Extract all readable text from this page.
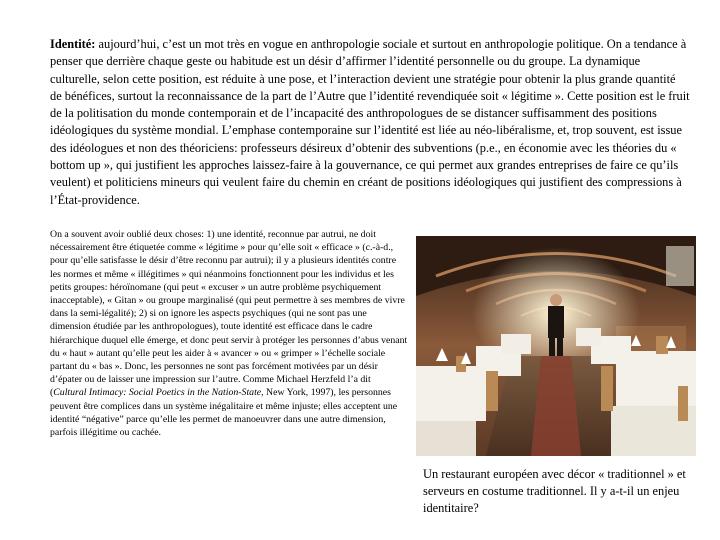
Identité: aujourd’hui, c’est un mot très en vogue en anthropologie sociale et surtout en anthropologie politique. On a tendance à penser que derrière chaque geste ou habitude est un désir d’affirmer l’identité personnelle ou du groupe. La dynamique culturelle, selon cette position, est réduite à une pose, et l’interaction devient une stratégie pour obtenir la plus grande quantité de bénéfices, surtout la reconnaissance de la part de l’Autre que l’identité revendiquée soit « légitime ». Cette position est le fruit de la politisation du monde contemporain et de l’incapacité des anthropologues de se distancer suffisamment des positions idéologiques du système mondial. L’emphase contemporaine sur l’identité est liée au néo-libéralisme, et, trop souvent, est issue des idéologues et non des théoriciens: professeurs désireux d’obtenir des subventions (p.e., en économie avec les théories du « bottom up », qui justifient les approches laissez-faire à la gouvernance, ce qui permet aux grandes entreprises de faire ce qu’ils veulent) et politiciens mineurs qui veulent faire du chemin en créant de positions idéologiques qui justifient des compressions à l’État-providence.

On a souvent avoir oublié deux choses: 1) une identité, reconnue par autrui, ne doit nécessairement être étiquetée comme « légitime » pour qu’elle soit « efficace » (c.-à-d., pour qu’elle satisfasse le désir d’être reconnu par autrui); il y a plusieurs identités contre les normes et même « illégitimes » qui néanmoins fonctionnent pour les individus et les petits groupes: héroïnomane (qui peut « excuser » un autre problème psychiquement inacceptable), « Gitan » ou groupe marginalisé (qui peut permettre à ses membres de vivre dans la semi-légalité); 2) si on ignore les aspects psychiques (qui ne sont pas une dimension étudiée par les anthropologues), toute identité est efficace dans le cadre hiérarchique duquel elle émerge, et donc peut servir à protéger les personnes d’abus venant du « haut » autant qu’elle peut les aider à « avancer » ou « grimper » l’échelle sociale partant du « bas ». Donc, les personnes ne sont pas forcément motivées par un désir d’épater ou de laisser une impression sur l’autre. Comme Michael Herzfeld l’a dit (Cultural Intimacy: Social Poetics in the Nation-State, New York, 1997), les personnes peuvent être complices dans un système inégalitaire et même injuste; elles acceptent une identité “négative” parce qu’elle les permet de manoeuvrer dans une autre dimension, parfois illégitime ou cachée.

Un restaurant européen avec décor « traditionnel » et serveurs en costume traditionnel. Il y a-t-il un enjeu identitaire?
